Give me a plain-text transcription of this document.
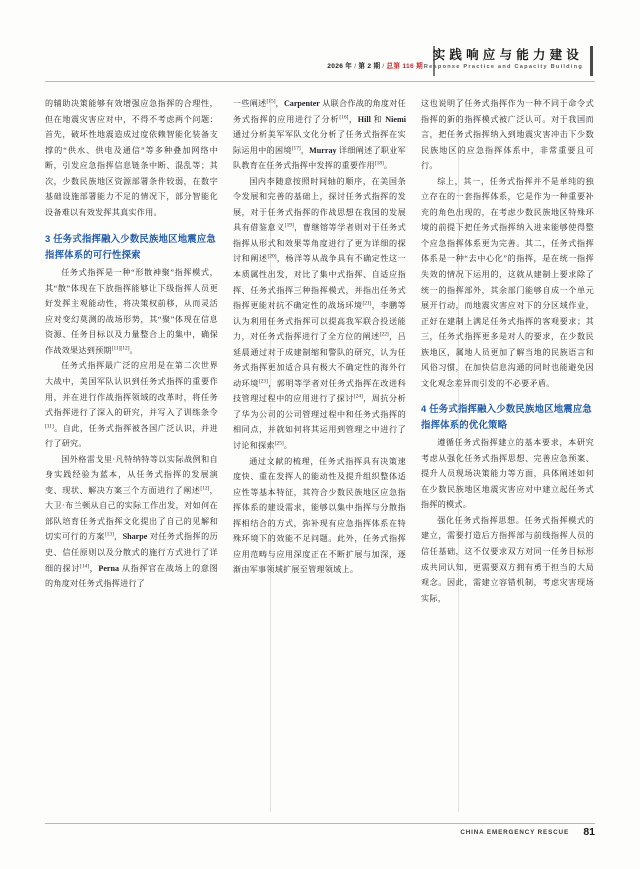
2026 年 / 第 2 期 / 总第 116 期
实践响应与能力建设
Response Practice and Capacity Building

的辅助决策能够有效增强应急指挥的合理性，但在地震灾害应对中，不得不考虑两个问题：首先，破坏性地震造成过度依赖智能化装备支撑的“供水、供电及通信”等多种叠加网络中断，引发应急指挥信息链条中断、混乱等；其次，少数民族地区资源部署条件较弱，在数字基础设施部署能力不足的情况下，部分智能化设备难以有效发挥其真实作用。

3 任务式指挥融入少数民族地区地震应急指挥体系的可行性探索

任务式指挥是一种“形散神聚”指挥模式，其“散”体现在下放指挥能够让下级指挥人员更好发挥主观能动性，将决策权前移，从而灵活应对变幻莫测的战场形势，其“聚”体现在信息资源、任务目标以及力量整合上的集中，确保作战效果达到预期[11][12]。

任务式指挥最广泛的应用是在第二次世界大战中，美国军队认识到任务式指挥的重要作用，并在进行作战指挥领域的改革时，将任务式指挥进行了深入的研究，并写入了训练条令[11]。自此，任务式指挥被各国广泛认识，并进行了研究。

国外格雷戈里·凡特纳特等以实际战例和自身实践经验为蓝本，从任务式指挥的发展演变、现状、解决方案三个方面进行了阐述[12]，大卫·布兰顿从自己的实际工作出发，对如何在部队培育任务式指挥文化提出了自己的见解和切实可行的方案[13]，Sharpe 对任务式指挥的历史、信任原则以及分散式的施行方式进行了详细的探讨[14]，Perna 从指挥官在战场上的意图的角度对任务式指挥进行了

一些阐述[15]，Carpenter 从联合作战的角度对任务式指挥的应用进行了分析[16]，Hill 和 Niemi 通过分析美军军队文化分析了任务式指挥在实际运用中的困境[17]，Murray 详细阐述了职业军队教育在任务式指挥中发挥的重要作用[18]。

国内李随意按照时间轴的顺序，在美国条令发展和完善的基础上，探讨任务式指挥的发展，对于任务式指挥的作战思想在我国的发展具有借鉴意义[19]，曹继镕等学者则对于任务式指挥从形式和效果等角度进行了更为详细的探讨和阐述[20]，杨洋等从战争具有不确定性这一本质属性出发，对比了集中式指挥、自适应指挥、任务式指挥三种指挥模式，并指出任务式指挥更能对抗不确定性的战场环境[21]，李鹏等认为利用任务式指挥可以提高我军联合投送能力，对任务式指挥进行了全方位的阐述[22]，吕延晨通过对于成建制缩和警队的研究，认为任务式指挥更加适合具有极大不确定性的海外行动环境[23]，郭明等学者对任务式指挥在改进科技管理过程中的应用进行了探讨[24]，周抗分析了华为公司的公司管理过程中和任务式指挥的相同点，并就如何将其运用到管理之中进行了讨论和探索[25]。

通过文献的梳理，任务式指挥具有决策速度快、重在发挥人的能动性及提升组织整体适应性等基本特征，其符合少数民族地区应急指挥体系的建设需求，能够以集中指挥与分散指挥相结合的方式，弥补现有应急指挥体系在特殊环境下的效能不足问题。此外，任务式指挥应用范畴与应用深度正在不断扩展与加深，逐渐由军事领域扩展至管理领域上。

这也说明了任务式指挥作为一种不同于命令式指挥的新的指挥模式被广泛认可。对于我国而言，把任务式指挥纳入到地震灾害冲击下少数民族地区的应急指挥体系中，非常重要且可行。

综上，其一，任务式指挥并不是单纯的独立存在的一套指挥体系，它是作为一种重要补充的角色出现的，在考虑少数民族地区特殊环境的前提下把任务式指挥纳入进来能够使得整个应急指挥体系更为完善。其二，任务式指挥体系是一种“去中心化”的指挥，是在统一指挥失效的情况下运用的，这就从建制上要求除了统一的指挥部外，其余部门能够自成一个单元展开行动，而地震灾害应对下的分区域作业，正好在建制上满足任务式指挥的客观要求；其三，任务式指挥更多是对人的要求，在少数民族地区，属地人员更加了解当地的民族语言和风俗习惯，在加快信息沟通的同时也能避免因文化观念差异而引发的不必要矛盾。

4 任务式指挥融入少数民族地区地震应急指挥体系的优化策略

遵循任务式指挥建立的基本要求，本研究考虑从强化任务式指挥思想、完善应急预案、提升人员现场决策能力等方面，具体阐述如何在少数民族地区地震灾害应对中建立起任务式指挥的模式。

强化任务式指挥思想。任务式指挥模式的建立，需要打造后方指挥部与前线指挥人员的信任基础，这不仅要求双方对同一任务目标形成共同认知，更需要双方拥有勇于担当的大局观念。因此，需建立容错机制，考虑灾害现场实际，

CHINA EMERGENCY RESCUE 81
